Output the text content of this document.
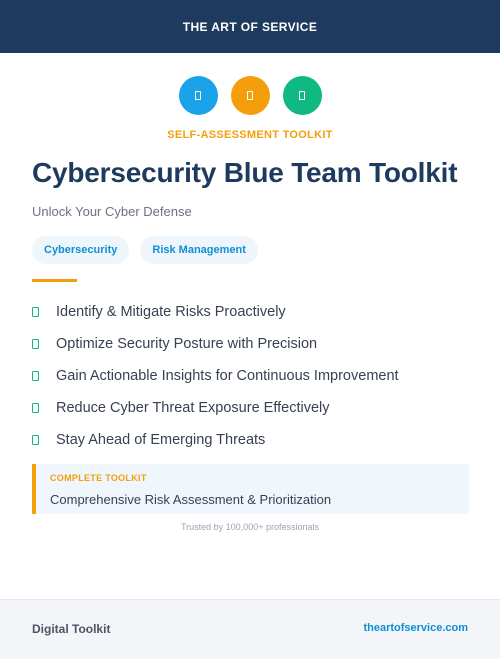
THE ART OF SERVICE
SELF-ASSESSMENT TOOLKIT
Cybersecurity Blue Team Toolkit
Unlock Your Cyber Defense
Cybersecurity	Risk Management
Identify & Mitigate Risks Proactively
Optimize Security Posture with Precision
Gain Actionable Insights for Continuous Improvement
Reduce Cyber Threat Exposure Effectively
Stay Ahead of Emerging Threats
COMPLETE TOOLKIT
Comprehensive Risk Assessment & Prioritization
Trusted by 100,000+ professionals
Digital Toolkit	theartofservice.com
